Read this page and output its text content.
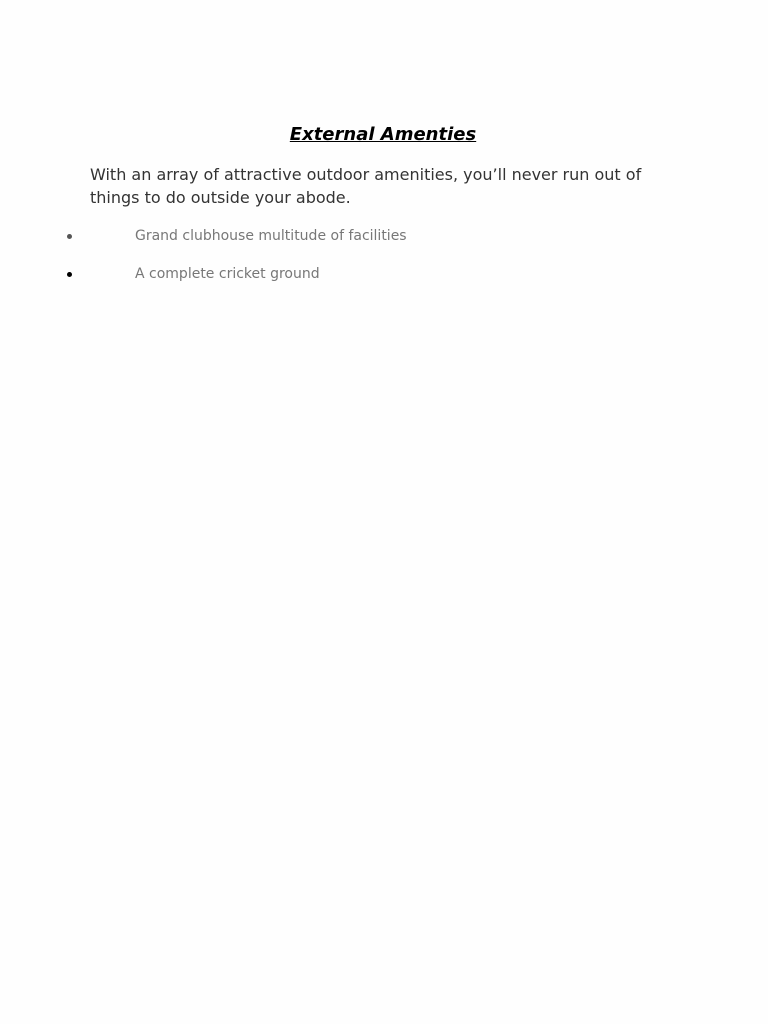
External Amenties
With an array of attractive outdoor amenities, you’ll never run out of things to do outside your abode.
Grand clubhouse multitude of facilities
A complete cricket ground
